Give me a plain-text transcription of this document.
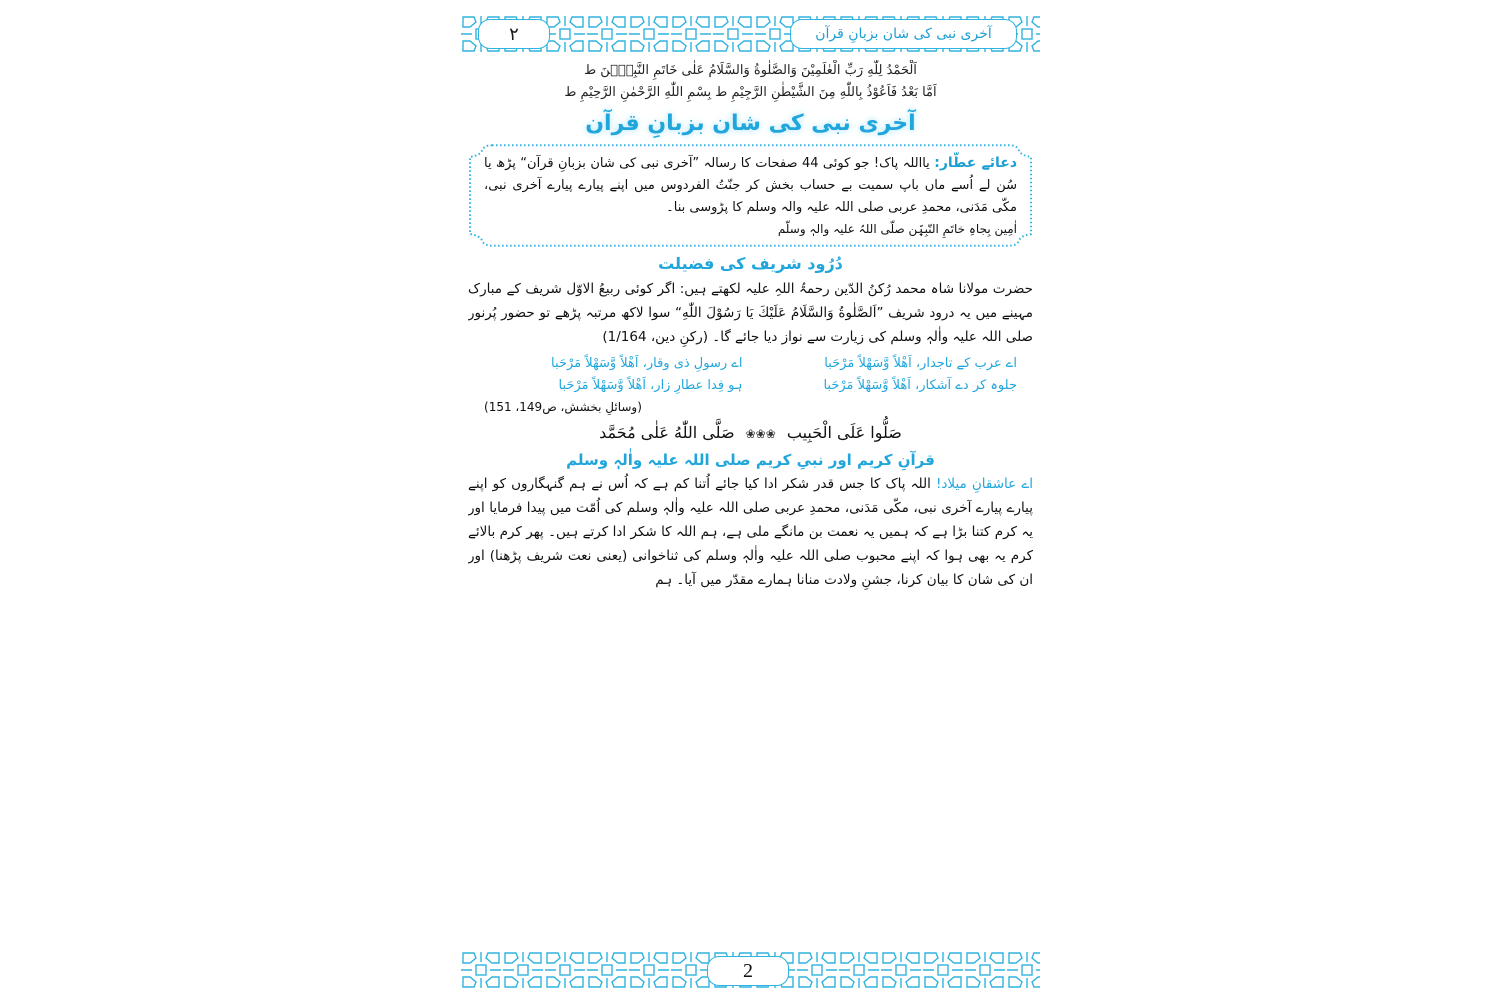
٢	آخری نبی کی شان بزبانِ قرآن
اَلْحَمْدُ لِلّٰهِ رَبِّ الْعٰلَمِیْنَ وَالصَّلٰوةُ وَالسَّلَامُ عَلٰی خَاتَمِ النَّبِیّٖنَ ط
اَمَّا بَعْدُ فَاَعُوْذُ بِاللّٰهِ مِنَ الشَّیْطٰنِ الرَّجِیْمِ ط بِسْمِ اللّٰهِ الرَّحْمٰنِ الرَّحِیْمِ ط
آخری نبی کی شان بزبانِ قرآن
دعائے عطّار: یااللہ پاک! جو کوئی 44 صفحات کا رسالہ ”آخری نبی کی شان بزبانِ قرآن“ پڑھ یا سُن لے اُسے ماں باپ سمیت بے حساب بخش کر جنّتُ الفردوس میں اپنے پیارے پیارے آخری نبی، مکّی مَدَنی، محمدِ عربی صلی اللہ علیہ والہ وسلم کا پڑوسی بنا۔
اٰمِین بِجاہِ خاتَمِ النّبِیّٖن صلّی اللہُ علیہ والہٖ وسلّم
دُرُود شریف کی فضیلت
حضرت مولانا شاہ محمد رُکنُ الدّین رحمۃُ اللہِ علیہ لکھتے ہیں: اگر کوئی ربیعُ الاوّل شریف کے مبارک مہینے میں یہ درود شریف ”اَلصَّلٰوةُ وَالسَّلَامُ عَلَیْكَ یَا رَسُوْلَ اللّٰهِ“ سوا لاکھ مرتبہ پڑھے تو حضور پُرنور صلی اللہ علیہ واٰلہٖ وسلم کی زیارت سے نواز دیا جائے گا۔ (رکنِ دین، 1/164)
اے عرب کے تاجدار، اَھْلاً وَّسَھْلاً مَرْحَبا
اے رسولِ ذی وقار، اَھْلاً وَّسَھْلاً مَرْحَبا
جلوہ کر دے آشکار، اَھْلاً وَّسَھْلاً مَرْحَبا
ہو فِدا عطارِ زار، اَھْلاً وَّسَھْلاً مَرْحَبا
(وسائلِ بخشش، ص149، 151)
صَلُّوا عَلَی الْحَبِیب ❀❀❀ صَلَّی اللّٰهُ عَلٰی مُحَمَّد
قرآنِ کریم اور نبیِ کریم صلی اللہ علیہ واٰلہٖ وسلم
اے عاشقانِ میلاد! اللہ پاک کا جس قدر شکر ادا کیا جائے اُتنا کم ہے کہ اُس نے ہم گنہگاروں کو اپنے پیارے پیارے آخری نبی، مکّی مَدَنی، محمدِ عربی صلی اللہ علیہ واٰلہٖ وسلم کی اُمّت میں پیدا فرمایا اور یہ کرم کتنا بڑا ہے کہ ہمیں یہ نعمت بن مانگے ملی ہے، ہم اللہ کا شکر ادا کرتے ہیں۔ پھر کرم بالائے کرم یہ بھی ہوا کہ اپنے محبوب صلی اللہ علیہ واٰلہٖ وسلم کی ثناخوانی (یعنی نعت شریف پڑھنا) اور ان کی شان کا بیان کرنا، جشنِ ولادت منانا ہمارے مقدّر میں آیا۔ ہم
2
